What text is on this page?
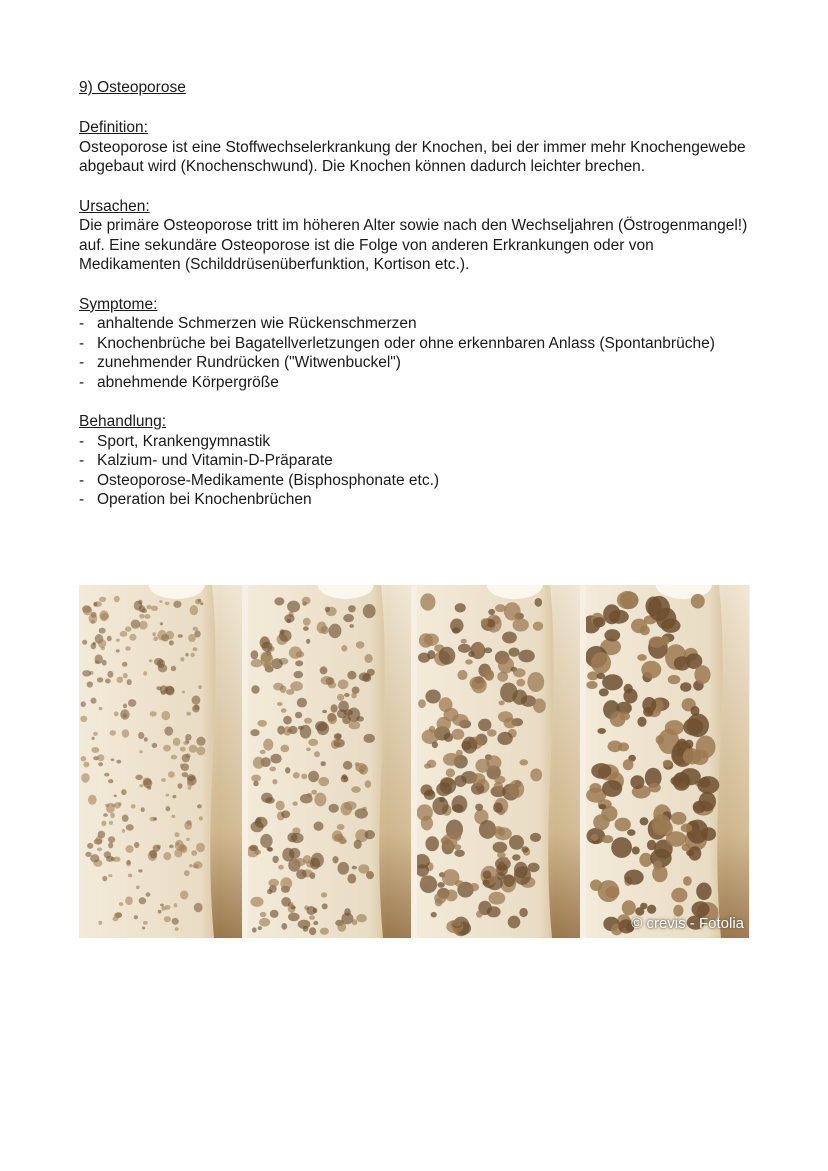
9) Osteoporose

Definition:

Osteoporose ist eine Stoffwechselerkrankung der Knochen, bei der immer mehr Knochengewebe abgebaut wird (Knochenschwund). Die Knochen können dadurch leichter brechen.

Ursachen:

Die primäre Osteoporose tritt im höheren Alter sowie nach den Wechseljahren (Östrogenmangel!) auf. Eine sekundäre Osteoporose ist die Folge von anderen Erkrankungen oder von Medikamenten (Schilddrüsenüberfunktion, Kortison etc.).

Symptome:
- anhaltende Schmerzen wie Rückenschmerzen
- Knochenbrüche bei Bagatellverletzungen oder ohne erkennbaren Anlass (Spontanbrüche)
- zunehmender Rundrücken ("Witwenbuckel")
- abnehmende Körpergröße
Behandlung:
- Sport, Krankengymnastik
- Kalzium- und Vitamin-D-Präparate
- Osteoporose-Medikamente (Bisphosphonate etc.)
- Operation bei Knochenbrüchen
© crevis - Fotolia
